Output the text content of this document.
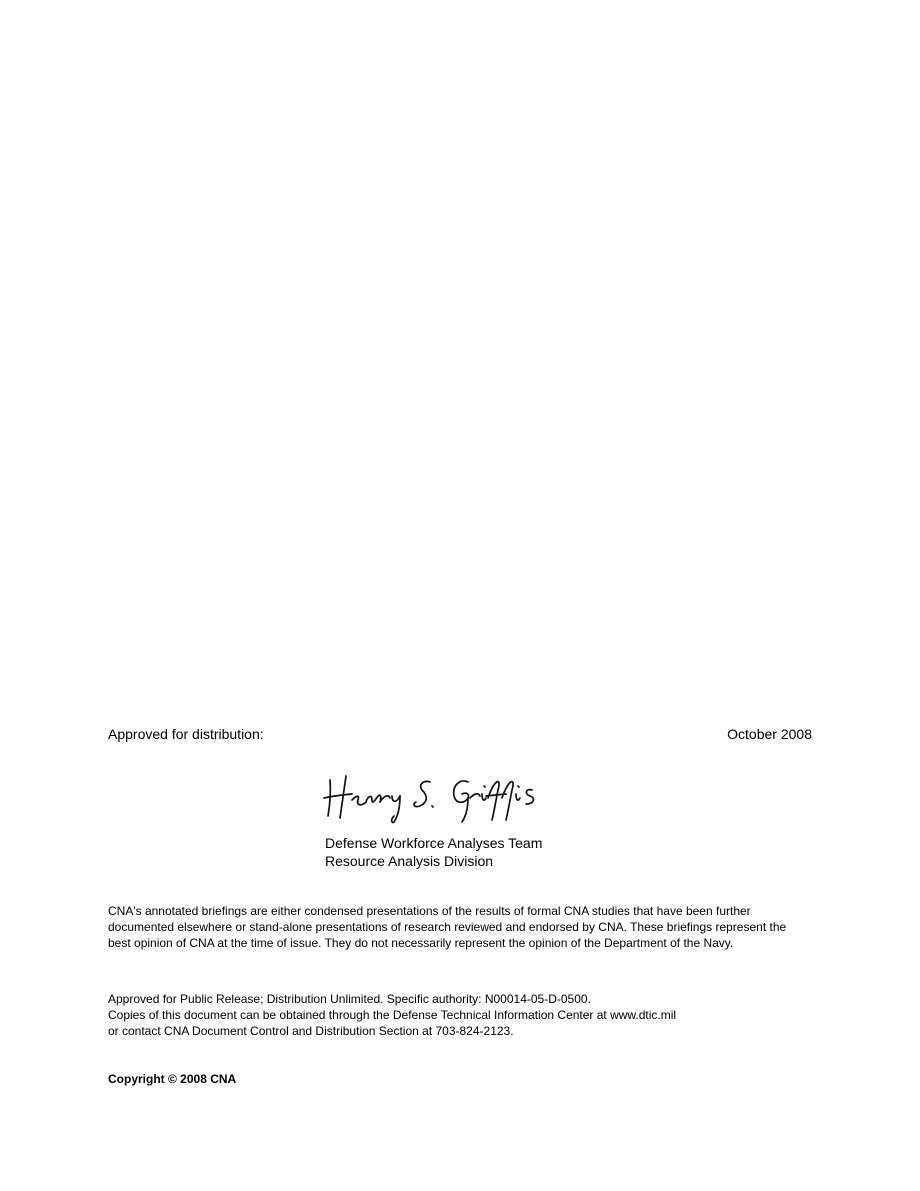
Approved for distribution:	October 2008
Defense Workforce Analyses Team
Resource Analysis Division
CNA's annotated briefings are either condensed presentations of the results of formal CNA studies that have been further documented elsewhere or stand-alone presentations of research reviewed and endorsed by CNA. These briefings represent the best opinion of CNA at the time of issue. They do not necessarily represent the opinion of the Department of the Navy.
Approved for Public Release; Distribution Unlimited. Specific authority: N00014-05-D-0500.
Copies of this document can be obtained through the Defense Technical Information Center at www.dtic.mil
or contact CNA Document Control and Distribution Section at 703-824-2123.
Copyright © 2008 CNA
